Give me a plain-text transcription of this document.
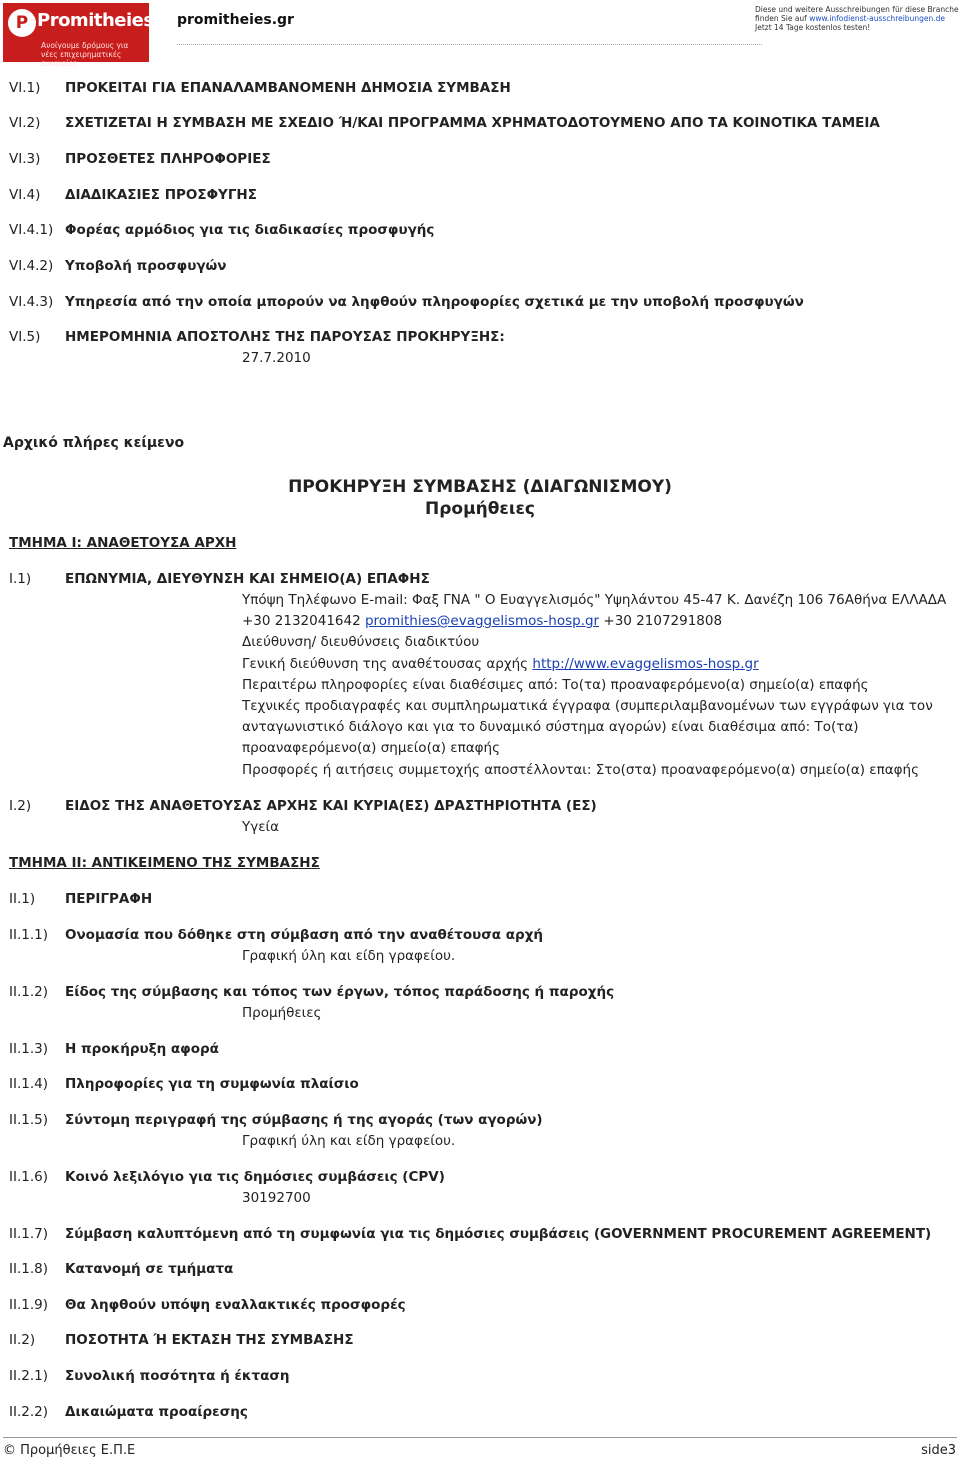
P Promitheies.gr
Ανοίγουμε δρόμους για νέες επιχειρηματικές ευκαιρίες
promitheies.gr
Diese und weitere Ausschreibungen für diese Branche finden Sie auf www.infodienst-ausschreibungen.de Jetzt 14 Tage kostenlos testen!
VI.1) ΠΡΟΚΕΙΤΑΙ ΓΙΑ ΕΠΑΝΑΛΑΜΒΑΝΟΜΕΝΗ ΔΗΜΟΣΙΑ ΣΥΜΒΑΣΗ
VI.2) ΣΧΕΤΙΖΕΤΑΙ Η ΣΥΜΒΑΣΗ ΜΕ ΣΧΕΔΙΟ Ή/ΚΑΙ ΠΡΟΓΡΑΜΜΑ ΧΡΗΜΑΤΟΔΟΤΟΥΜΕΝΟ ΑΠΟ ΤΑ ΚΟΙΝΟΤΙΚΑ ΤΑΜΕΙΑ
VI.3) ΠΡΟΣΘΕΤΕΣ ΠΛΗΡΟΦΟΡΙΕΣ
VI.4) ΔΙΑΔΙΚΑΣΙΕΣ ΠΡΟΣΦΥΓΗΣ
VI.4.1) Φορέας αρμόδιος για τις διαδικασίες προσφυγής
VI.4.2) Υποβολή προσφυγών
VI.4.3) Υπηρεσία από την οποία μπορούν να ληφθούν πληροφορίες σχετικά με την υποβολή προσφυγών
VI.5) ΗΜΕΡΟΜΗΝΙΑ ΑΠΟΣΤΟΛΗΣ ΤΗΣ ΠΑΡΟΥΣΑΣ ΠΡΟΚΗΡΥΞΗΣ:
27.7.2010
Αρχικό πλήρες κείμενο
ΠΡΟΚΗΡΥΞΗ ΣΥΜΒΑΣΗΣ (ΔΙΑΓΩΝΙΣΜΟΥ)
Προμήθειες
ΤΜΗΜΑ I: ΑΝΑΘΕΤΟΥΣΑ ΑΡΧΗ
I.1)	ΕΠΩΝΥΜΙΑ, ΔΙΕΥΘΥΝΣΗ ΚΑΙ ΣΗΜΕΙΟ(Α) ΕΠΑΦΗΣ
Υπόψη Τηλέφωνο E-mail: Φαξ ΓΝΑ " Ο Ευαγγελισμός" Υψηλάντου 45-47 Κ. Δανέζη 106 76Αθήνα ΕΛΛΑΔΑ +30 2132041642 promithies@evaggelismos-hosp.gr +30 2107291808
Διεύθυνση/ διευθύνσεις διαδικτύου
Γενική διεύθυνση της αναθέτουσας αρχής http://www.evaggelismos-hosp.gr
Περαιτέρω πληροφορίες είναι διαθέσιμες από: Το(τα) προαναφερόμενο(α) σημείο(α) επαφής
Τεχνικές προδιαγραφές και συμπληρωματικά έγγραφα (συμπεριλαμβανομένων των εγγράφων για τον ανταγωνιστικό διάλογο και για το δυναμικό σύστημα αγορών) είναι διαθέσιμα από: Το(τα) προαναφερόμενο(α) σημείο(α) επαφής
Προσφορές ή αιτήσεις συμμετοχής αποστέλλονται: Στο(στα) προαναφερόμενο(α) σημείο(α) επαφής
I.2)	ΕΙΔΟΣ ΤΗΣ ΑΝΑΘΕΤΟΥΣΑΣ ΑΡΧΗΣ ΚΑΙ ΚΥΡΙΑ(ΕΣ) ΔΡΑΣΤΗΡΙΟΤΗΤΑ (ΕΣ)
Υγεία
ΤΜΗΜΑ II: ΑΝΤΙΚΕΙΜΕΝΟ ΤΗΣ ΣΥΜΒΑΣΗΣ
II.1) ΠΕΡΙΓΡΑΦΗ
II.1.1) Ονομασία που δόθηκε στη σύμβαση από την αναθέτουσα αρχή
Γραφική ύλη και είδη γραφείου.
II.1.2) Είδος της σύμβασης και τόπος των έργων, τόπος παράδοσης ή παροχής
Προμήθειες
II.1.3) Η προκήρυξη αφορά
II.1.4) Πληροφορίες για τη συμφωνία πλαίσιο
II.1.5) Σύντομη περιγραφή της σύμβασης ή της αγοράς (των αγορών)
Γραφική ύλη και είδη γραφείου.
II.1.6) Κοινό λεξιλόγιο για τις δημόσιες συμβάσεις (CPV)
30192700
II.1.7) Σύμβαση καλυπτόμενη από τη συμφωνία για τις δημόσιες συμβάσεις (GOVERNMENT PROCUREMENT AGREEMENT)
II.1.8) Κατανομή σε τμήματα
II.1.9) Θα ληφθούν υπόψη εναλλακτικές προσφορές
II.2) ΠΟΣΟΤΗΤΑ Ή ΕΚΤΑΣΗ ΤΗΣ ΣΥΜΒΑΣΗΣ
II.2.1) Συνολική ποσότητα ή έκταση
II.2.2) Δικαιώματα προαίρεσης
© Προμήθειες Ε.Π.Ε	side3
